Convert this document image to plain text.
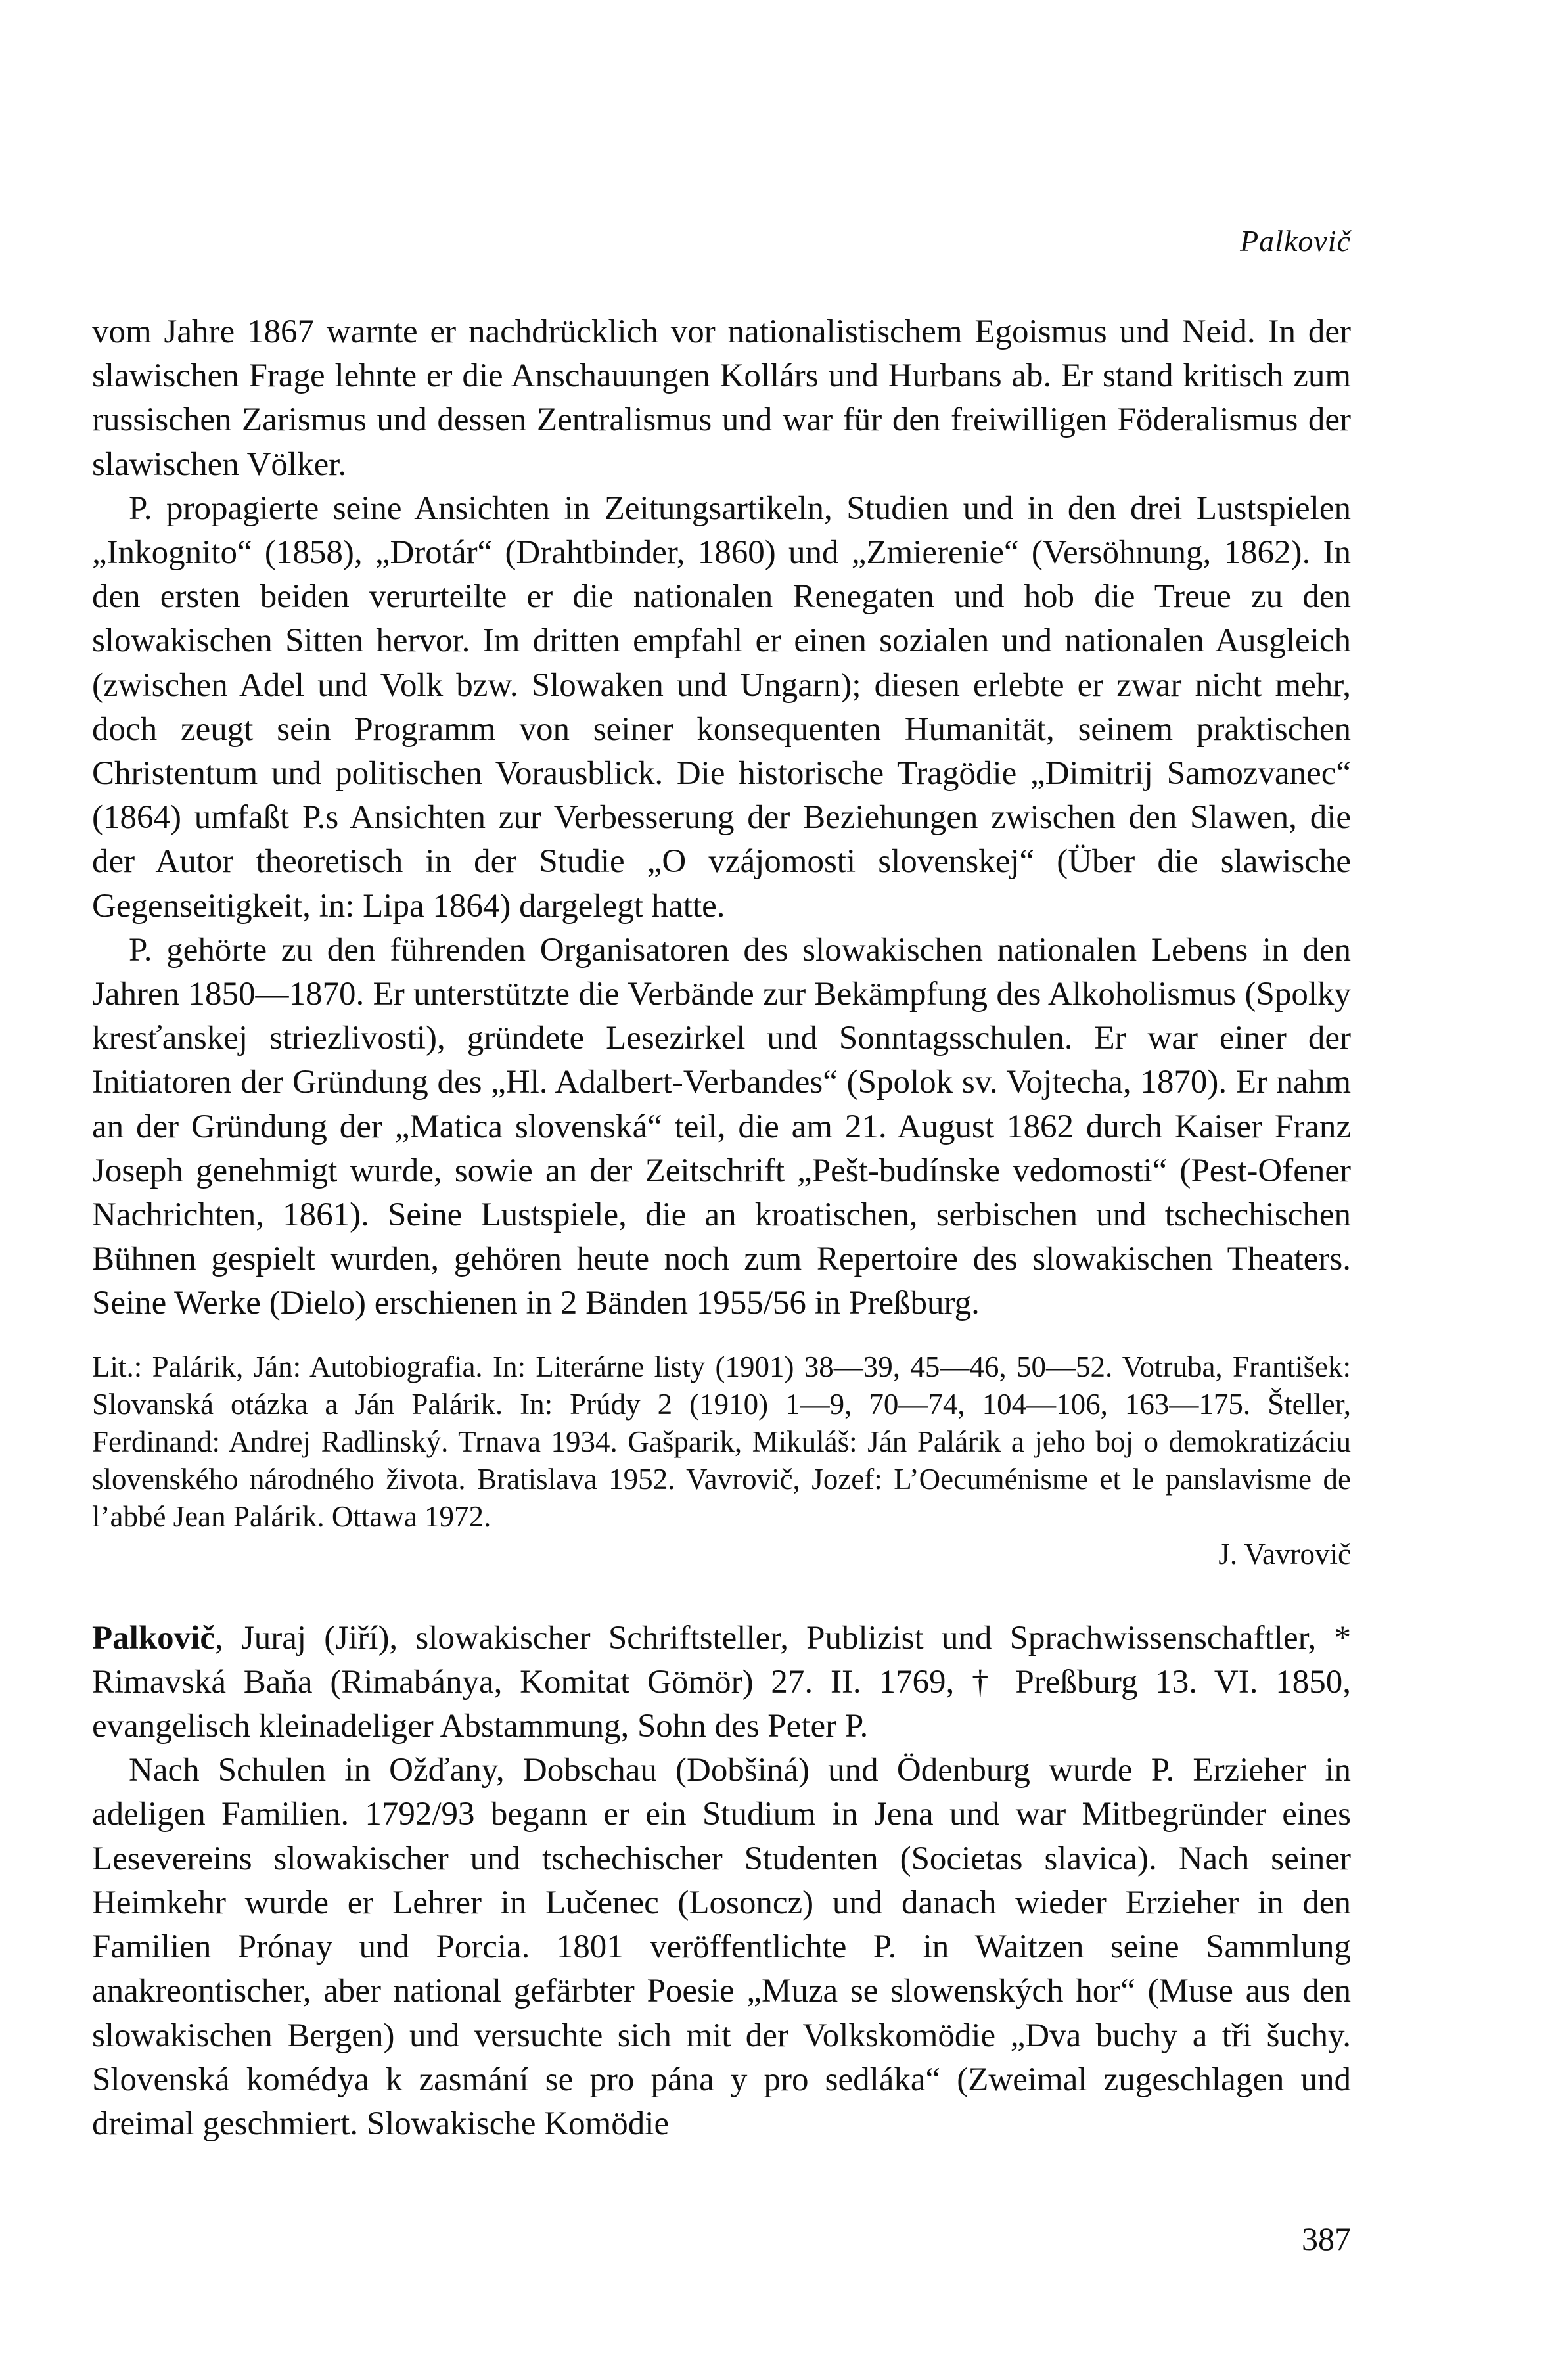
Palkovič

vom Jahre 1867 warnte er nachdrücklich vor nationalistischem Egoismus und Neid. In der slawischen Frage lehnte er die Anschauungen Kollárs und Hurbans ab. Er stand kritisch zum russischen Zarismus und dessen Zentralismus und war für den freiwilligen Föderalismus der slawischen Völker.

P. propagierte seine Ansichten in Zeitungsartikeln, Studien und in den drei Lustspielen „Inkognito“ (1858), „Drotár“ (Drahtbinder, 1860) und „Zmierenie“ (Versöhnung, 1862). In den ersten beiden verurteilte er die nationalen Renegaten und hob die Treue zu den slowakischen Sitten hervor. Im dritten empfahl er einen sozialen und nationalen Ausgleich (zwischen Adel und Volk bzw. Slowaken und Ungarn); diesen erlebte er zwar nicht mehr, doch zeugt sein Programm von seiner konsequenten Humanität, seinem praktischen Christentum und politischen Vorausblick. Die historische Tragödie „Dimitrij Samozvanec“ (1864) umfaßt P.s Ansichten zur Verbesserung der Beziehungen zwischen den Slawen, die der Autor theoretisch in der Studie „O vzájomosti slovenskej“ (Über die slawische Gegenseitigkeit, in: Lipa 1864) dargelegt hatte.

P. gehörte zu den führenden Organisatoren des slowakischen nationalen Lebens in den Jahren 1850—1870. Er unterstützte die Verbände zur Bekämpfung des Alkoholismus (Spolky kresťanskej striezlivosti), gründete Lesezirkel und Sonntagsschulen. Er war einer der Initiatoren der Gründung des „Hl. Adalbert-Verbandes“ (Spolok sv. Vojtecha, 1870). Er nahm an der Gründung der „Matica slovenská“ teil, die am 21. August 1862 durch Kaiser Franz Joseph genehmigt wurde, sowie an der Zeitschrift „Pešt-budínske vedomosti“ (Pest-Ofener Nachrichten, 1861). Seine Lustspiele, die an kroatischen, serbischen und tschechischen Bühnen gespielt wurden, gehören heute noch zum Repertoire des slowakischen Theaters. Seine Werke (Dielo) erschienen in 2 Bänden 1955/56 in Preßburg.

Lit.: Palárik, Ján: Autobiografia. In: Literárne listy (1901) 38—39, 45—46, 50—52. Votruba, František: Slovanská otázka a Ján Palárik. In: Prúdy 2 (1910) 1—9, 70—74, 104—106, 163—175. Šteller, Ferdinand: Andrej Radlinský. Trnava 1934. Gašparik, Mikuláš: Ján Palárik a jeho boj o demokratizáciu slovenského národného života. Bratislava 1952. Vavrovič, Jozef: L’Oecuménisme et le panslavisme de l’abbé Jean Palárik. Ottawa 1972.
J. Vavrovič

Palkovič, Juraj (Jiří), slowakischer Schriftsteller, Publizist und Sprachwissenschaftler, * Rimavská Baňa (Rimabánya, Komitat Gömör) 27. II. 1769, † Preßburg 13. VI. 1850, evangelisch kleinadeliger Abstammung, Sohn des Peter P.

Nach Schulen in Ožďany, Dobschau (Dobšiná) und Ödenburg wurde P. Erzieher in adeligen Familien. 1792/93 begann er ein Studium in Jena und war Mitbegründer eines Lesevereins slowakischer und tschechischer Studenten (Societas slavica). Nach seiner Heimkehr wurde er Lehrer in Lučenec (Losoncz) und danach wieder Erzieher in den Familien Prónay und Porcia. 1801 veröffentlichte P. in Waitzen seine Sammlung anakreontischer, aber national gefärbter Poesie „Muza se slowenských hor“ (Muse aus den slowakischen Bergen) und versuchte sich mit der Volkskomödie „Dva buchy a tři šuchy. Slovenská komédya k zasmání se pro pána y pro sedláka“ (Zweimal zugeschlagen und dreimal geschmiert. Slowakische Komödie

387
